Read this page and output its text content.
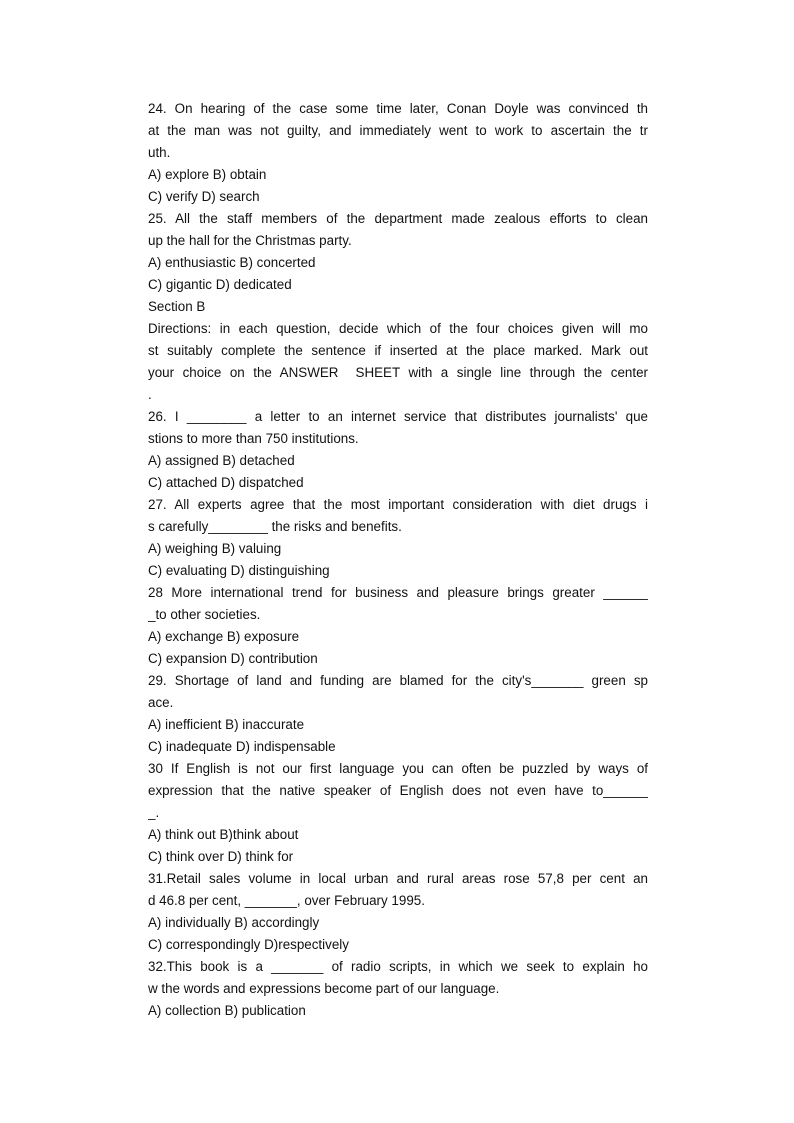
24. On hearing of the case some time later, Conan Doyle was convinced th
at the man was not guilty, and immediately went to work to ascertain the tr
uth.
A) explore B) obtain
C) verify D) search
25. All the staff members of the department made zealous efforts to clean
up the hall for the Christmas party.
A) enthusiastic B) concerted
C) gigantic D) dedicated
Section B
Directions: in each question, decide which of the four choices given will mo
st suitably complete the sentence if inserted at the place marked. Mark out
your choice on the ANSWER  SHEET with a single line through the center
.
26. I ________ a letter to an internet service that distributes journalists' que
stions to more than 750 institutions.
A) assigned B) detached
C) attached D) dispatched
27. All experts agree that the most important consideration with diet drugs i
s carefully________ the risks and benefits.
A) weighing B) valuing
C) evaluating D) distinguishing
28 More international trend for business and pleasure brings greater ______
_to other societies.
A) exchange B) exposure
C) expansion D) contribution
29. Shortage of land and funding are blamed for the city's_______ green sp
ace.
A) inefficient B) inaccurate
C) inadequate D) indispensable
30 If English is not our first language you can often be puzzled by ways of
expression that the native speaker of English does not even have to______
_.
A) think out B)think about
C) think over D) think for
31.Retail sales volume in local urban and rural areas rose 57,8 per cent an
d 46.8 per cent, _______, over February 1995.
A) individually B) accordingly
C) correspondingly D)respectively
32.This book is a _______ of radio scripts, in which we seek to explain ho
w the words and expressions become part of our language.
A) collection B) publication
